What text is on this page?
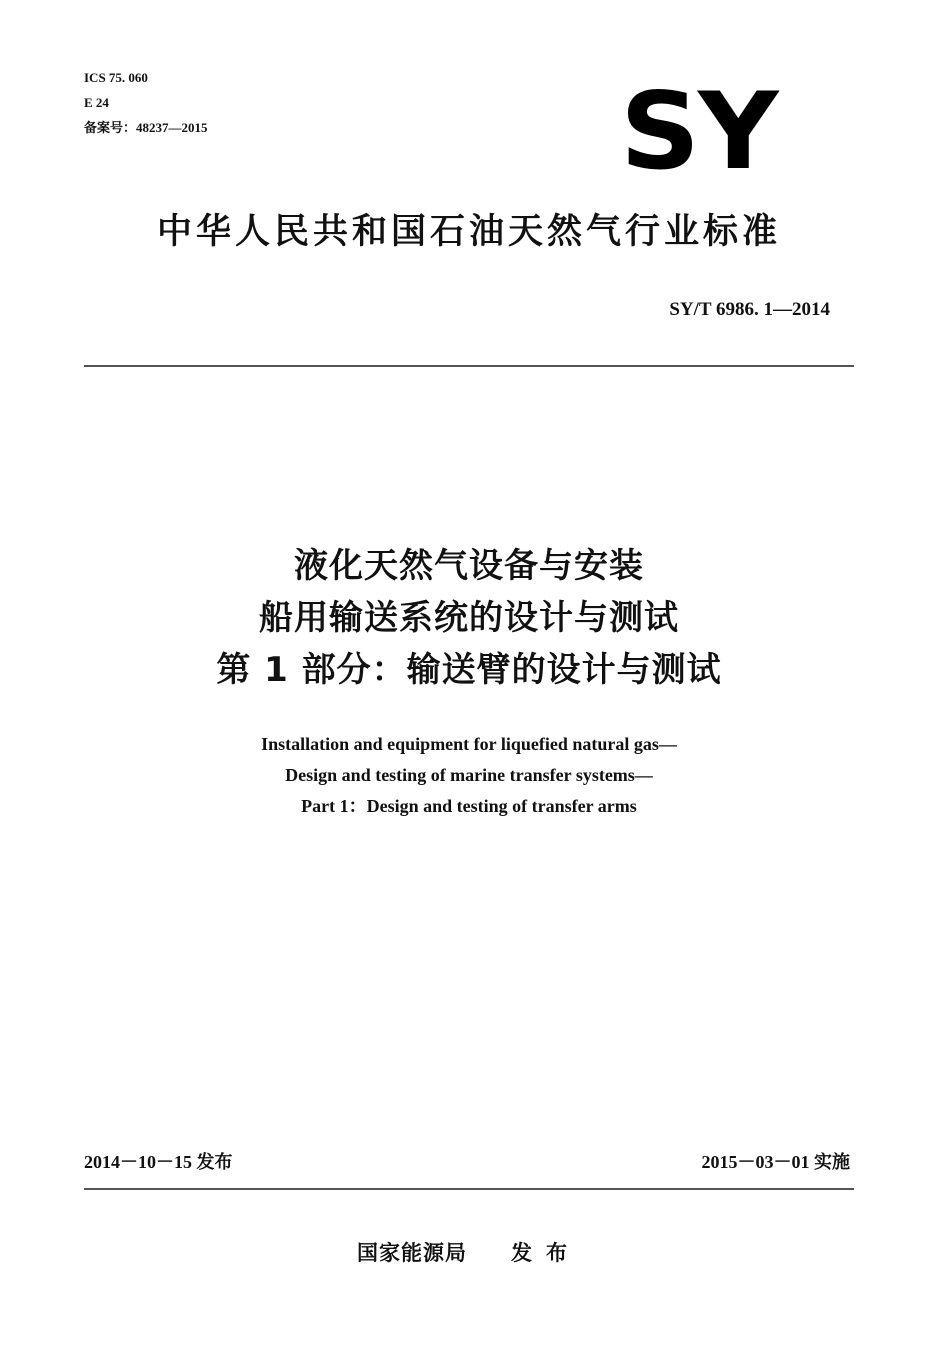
ICS 75. 060
E 24
备案号：48237—2015	SY
中华人民共和国石油天然气行业标准
SY/T 6986. 1—2014
液化天然气设备与安装
船用输送系统的设计与测试
第 1 部分：输送臂的设计与测试
Installation and equipment for liquefied natural gas—
Design and testing of marine transfer systems—
Part 1：Design and testing of transfer arms
2014－10－15 发布	2015－03－01 实施
国家能源局 发布
